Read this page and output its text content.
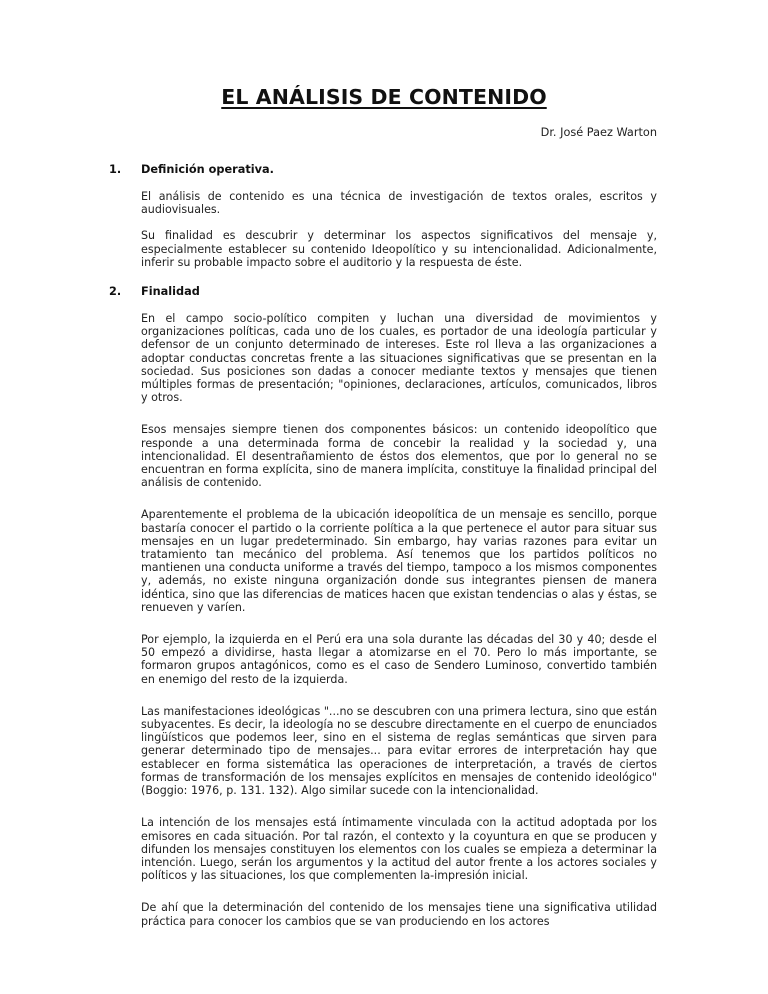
EL ANÁLISIS DE CONTENIDO
Dr. José Paez Warton
1.	Definición operativa.

El análisis de contenido es una técnica de investigación de textos orales, escritos y audiovisuales.

Su finalidad es descubrir y determinar los aspectos significativos del mensaje y, especialmente establecer su contenido Ideopolítico y su intencionalidad. Adicionalmente, inferir su probable impacto sobre el auditorio y la respuesta de éste.

2.	Finalidad

En el campo socio-político compiten y luchan una diversidad de movimientos y organizaciones políticas, cada uno de los cuales, es portador de una ideología particular y defensor de un conjunto determinado de intereses. Este rol lleva a las organizaciones a adoptar conductas concretas frente a las situaciones significativas que se presentan en la sociedad. Sus posiciones son dadas a conocer mediante textos y mensajes que tienen múltiples formas de presentación; "opiniones, declaraciones, artículos, comunicados, libros y otros.

Esos mensajes siempre tienen dos componentes básicos: un contenido ideopolítico que responde a una determinada forma de concebir la realidad y la sociedad y, una intencionalidad. El desentrañamiento de éstos dos elementos, que por lo general no se encuentran en forma explícita, sino de manera implícita, constituye la finalidad principal del análisis de contenido.

Aparentemente el problema de la ubicación ideopolítica de un mensaje es sencillo, porque bastaría conocer el partido o la corriente política a la que pertenece el autor para situar sus mensajes en un lugar predeterminado. Sin embargo, hay varias razones para evitar un tratamiento tan mecánico del problema. Así tenemos que los partidos políticos no mantienen una conducta uniforme a través del tiempo, tampoco a los mismos componentes y, además, no existe ninguna organización donde sus integrantes piensen de manera idéntica, sino que las diferencias de matices hacen que existan tendencias o alas y éstas, se renueven y varíen.

Por ejemplo, la izquierda en el Perú era una sola durante las décadas del 30 y 40; desde el 50 empezó a dividirse, hasta llegar a atomizarse en el 70. Pero lo más importante, se formaron grupos antagónicos, como es el caso de Sendero Luminoso, convertido también en enemigo del resto de la izquierda.

Las manifestaciones ideológicas "...no se descubren con una primera lectura, sino que están subyacentes. Es decir, la ideología no se descubre directamente en el cuerpo de enunciados lingüísticos que podemos leer, sino en el sistema de reglas semánticas que sirven para generar determinado tipo de mensajes... para evitar errores de interpretación hay que establecer en forma sistemática las operaciones de interpretación, a través de ciertos formas de transformación de los mensajes explícitos en mensajes de contenido ideológico" (Boggio: 1976, p. 131. 132). Algo similar sucede con la intencionalidad.

La intención de los mensajes está íntimamente vinculada con la actitud adoptada por los emisores en cada situación. Por tal razón, el contexto y la coyuntura en que se producen y difunden los mensajes constituyen los elementos con los cuales se empieza a determinar la intención. Luego, serán los argumentos y la actitud del autor frente a los actores sociales y políticos y las situaciones, los que complementen la-impresión inicial.

De ahí que la determinación del contenido de los mensajes tiene una significativa utilidad práctica para conocer los cambios que se van produciendo en los actores
